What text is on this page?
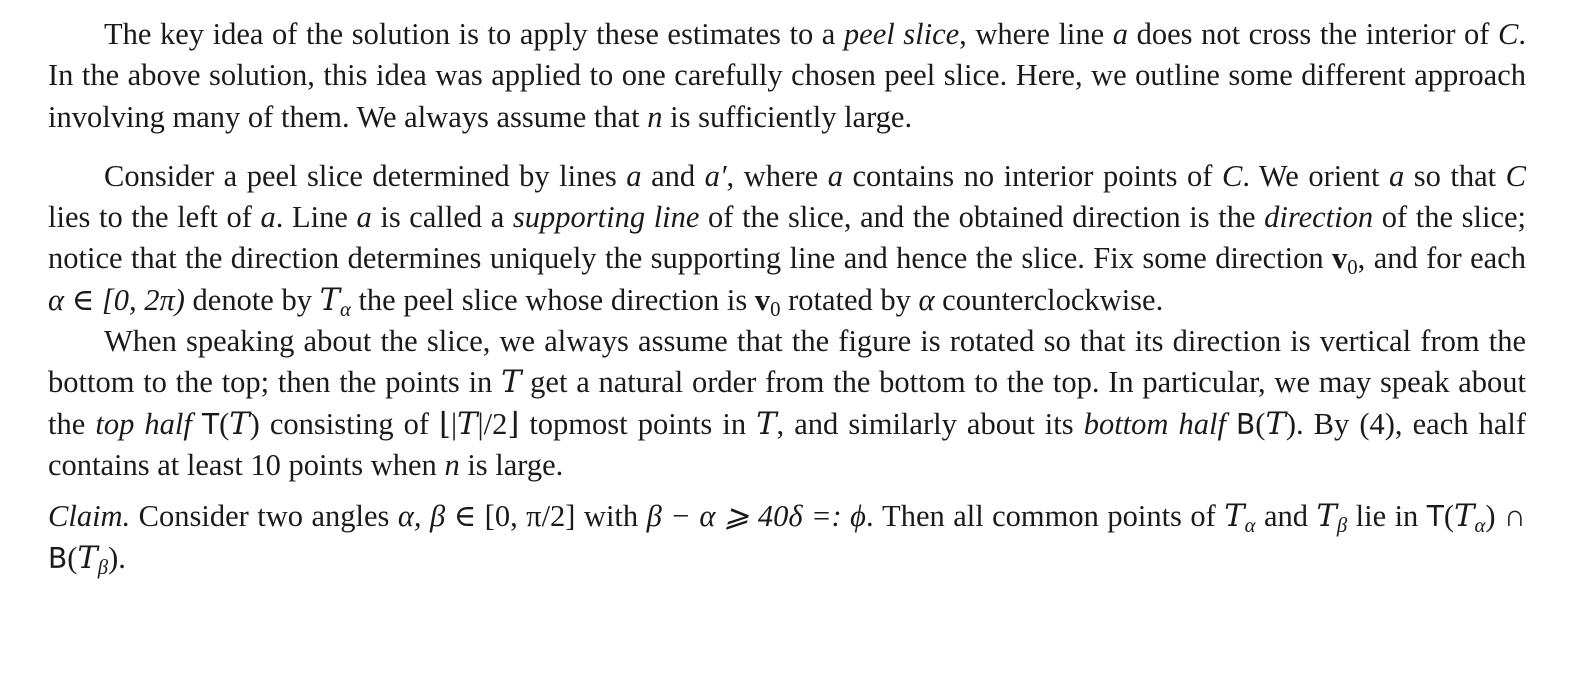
The key idea of the solution is to apply these estimates to a peel slice, where line a does not cross the interior of C. In the above solution, this idea was applied to one carefully chosen peel slice. Here, we outline some different approach involving many of them. We always assume that n is sufficiently large.

Consider a peel slice determined by lines a and a′, where a contains no interior points of C. We orient a so that C lies to the left of a. Line a is called a supporting line of the slice, and the obtained direction is the direction of the slice; notice that the direction determines uniquely the supporting line and hence the slice. Fix some direction $v_0$, and for each α ∈ [0, 2π) denote by $T_\alpha$ the peel slice whose direction is $v_0$ rotated by α counterclockwise.

When speaking about the slice, we always assume that the figure is rotated so that its direction is vertical from the bottom to the top; then the points in T get a natural order from the bottom to the top. In particular, we may speak about the top half T(T) consisting of ⌊|T|/2⌋ topmost points in T, and similarly about its bottom half B(T). By (4), each half contains at least 10 points when n is large.

Claim. Consider two angles α, β ∈ [0, π/2] with β − α ⩾ 40δ =: ϕ. Then all common points of $T_\alpha$ and $T_\beta$ lie in $T(T_\alpha)$ ∩ $B(T_\beta)$.
